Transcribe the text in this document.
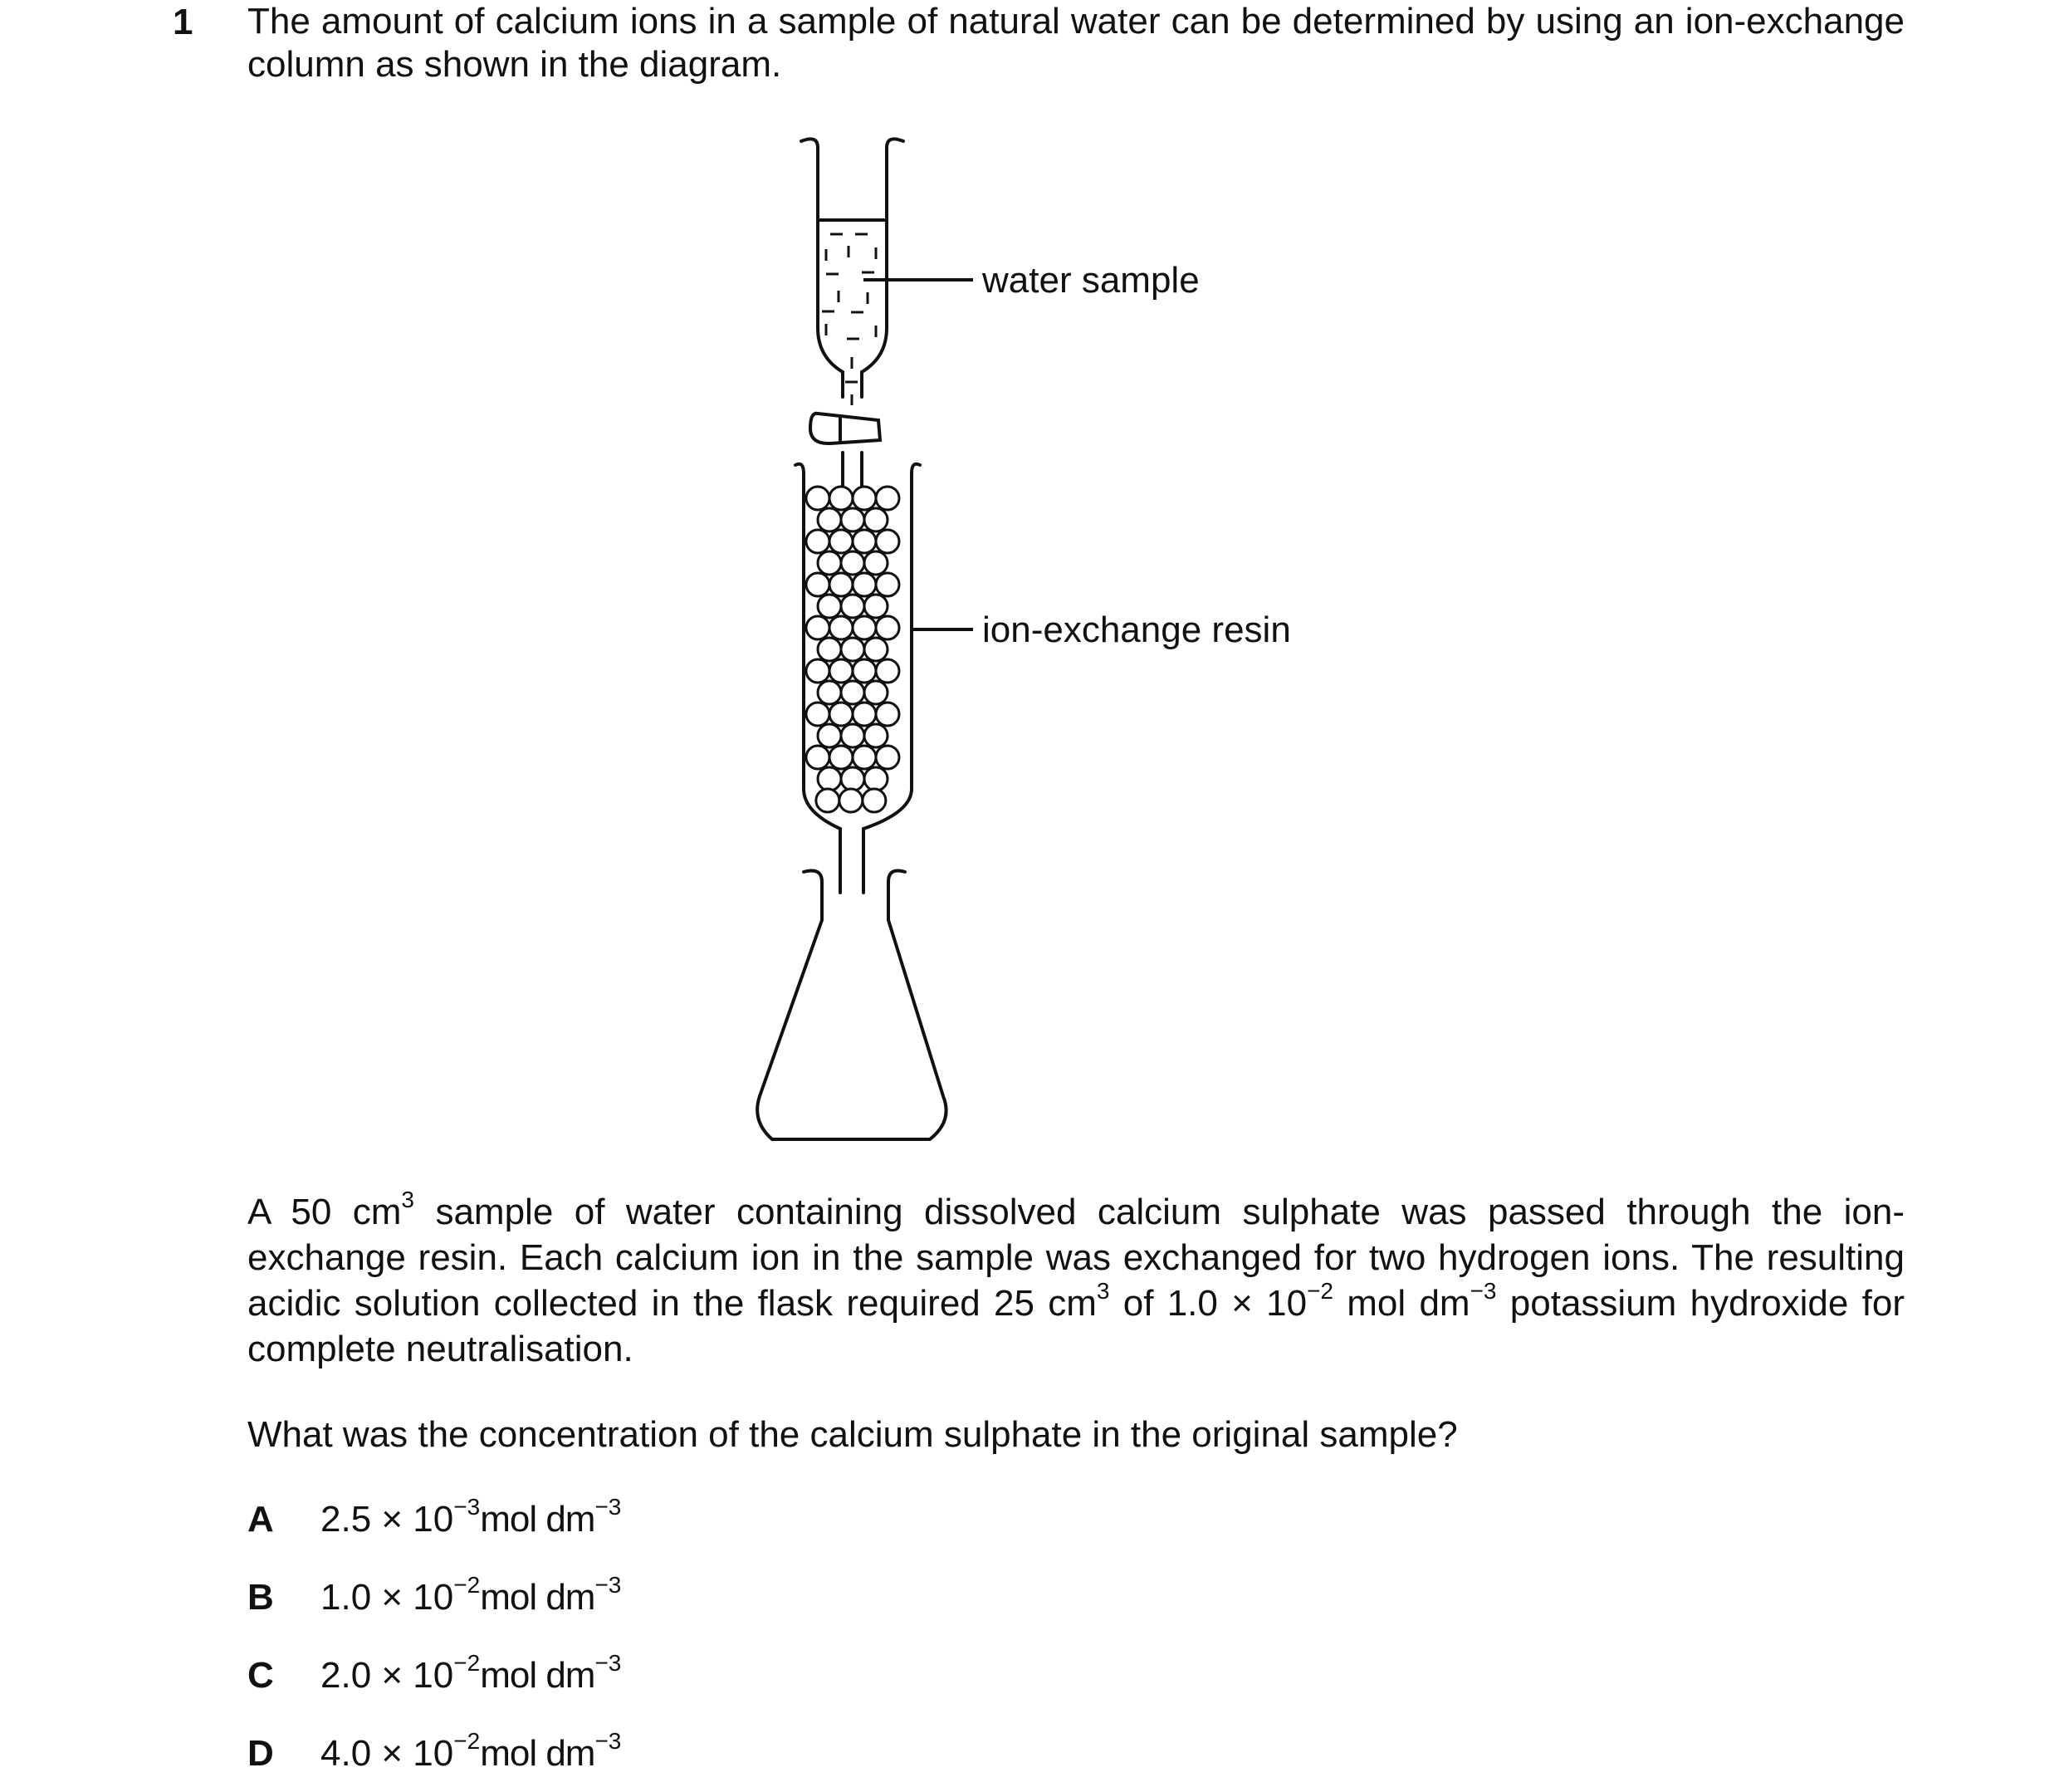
1 The amount of calcium ions in a sample of natural water can be determined by using an ion-exchange column as shown in the diagram.
water sample
ion-exchange resin
A 50 $cm^3$ sample of water containing dissolved calcium sulphate was passed through the ion-exchange resin. Each calcium ion in the sample was exchanged for two hydrogen ions. The resulting acidic solution collected in the flask required 25 $cm^3$ of $1.0 \times 10^{-2}$ mol $dm^{-3}$ potassium hydroxide for complete neutralisation.
What was the concentration of the calcium sulphate in the original sample?
A $2.5 \times 10^{-3}mol$ $dm^{-3}$
B $1.0 \times 10^{-2}mol$ $dm^{-3}$
C $2.0 \times 10^{-2}mol$ $dm^{-3}$
D $4.0 \times 10^{-2}mol$ $dm^{-3}$
